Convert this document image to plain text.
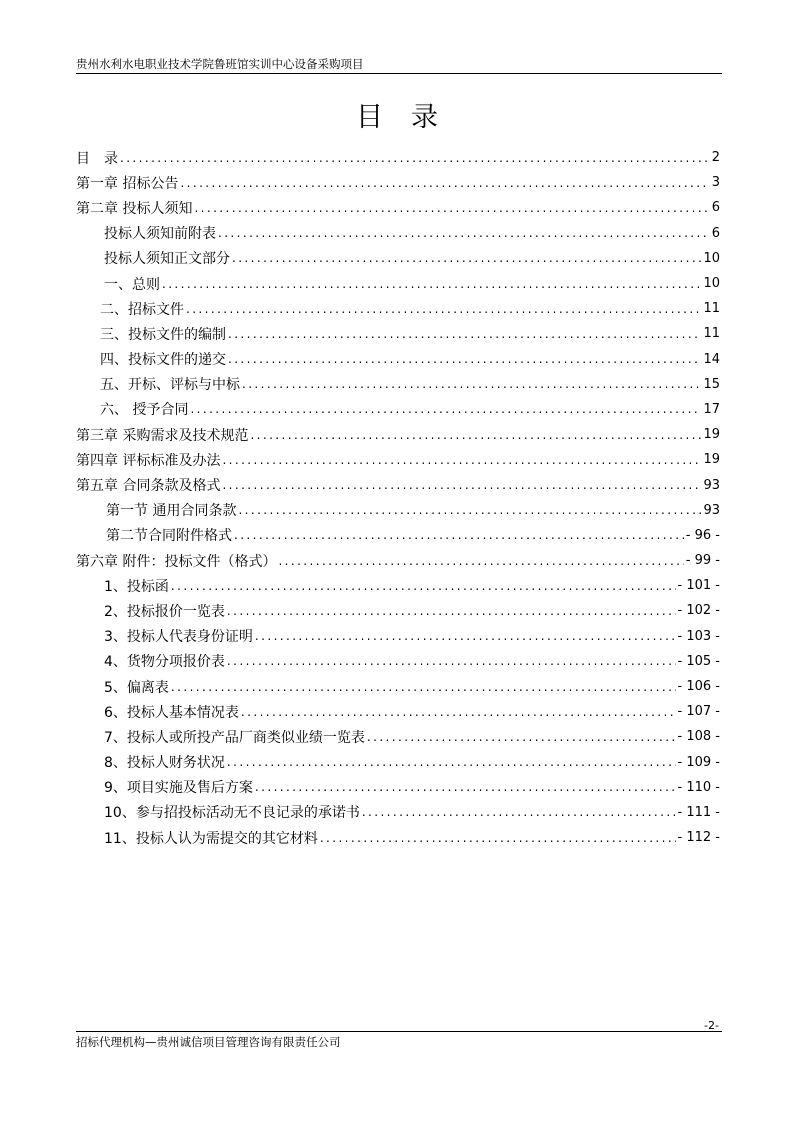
贵州水利水电职业技术学院鲁班馆实训中心设备采购项目
目录
目　录 .....	2
第一章 招标公告 .....	3
第二章 投标人须知 .....	6
投标人须知前附表 .....	6
投标人须知正文部分 .....	10
一、总则 .....	10
二、招标文件 .....	11
三、投标文件的编制 .....	11
四、投标文件的递交 .....	14
五、开标、评标与中标 .....	15
六、 授予合同 .....	17
第三章 采购需求及技术规范 .....	19
第四章 评标标准及办法 .....	19
第五章 合同条款及格式 .....	93
第一节 通用合同条款 .....	93
第二节合同附件格式 .....	- 96 -
第六章 附件：投标文件（格式） .....	- 99 -
1、投标函 .....	- 101 -
2、投标报价一览表 .....	- 102 -
3、投标人代表身份证明 .....	- 103 -
4、货物分项报价表 .....	- 105 -
5、偏离表 .....	- 106 -
6、投标人基本情况表 .....	- 107 -
7、投标人或所投产品厂商类似业绩一览表 .....	- 108 -
8、投标人财务状况 .....	- 109 -
9、项目实施及售后方案 .....	- 110 -
10、参与招投标活动无不良记录的承诺书 .....	- 111 -
11、投标人认为需提交的其它材料 .....	- 112 -
-2-
招标代理机构—贵州诚信项目管理咨询有限责任公司
